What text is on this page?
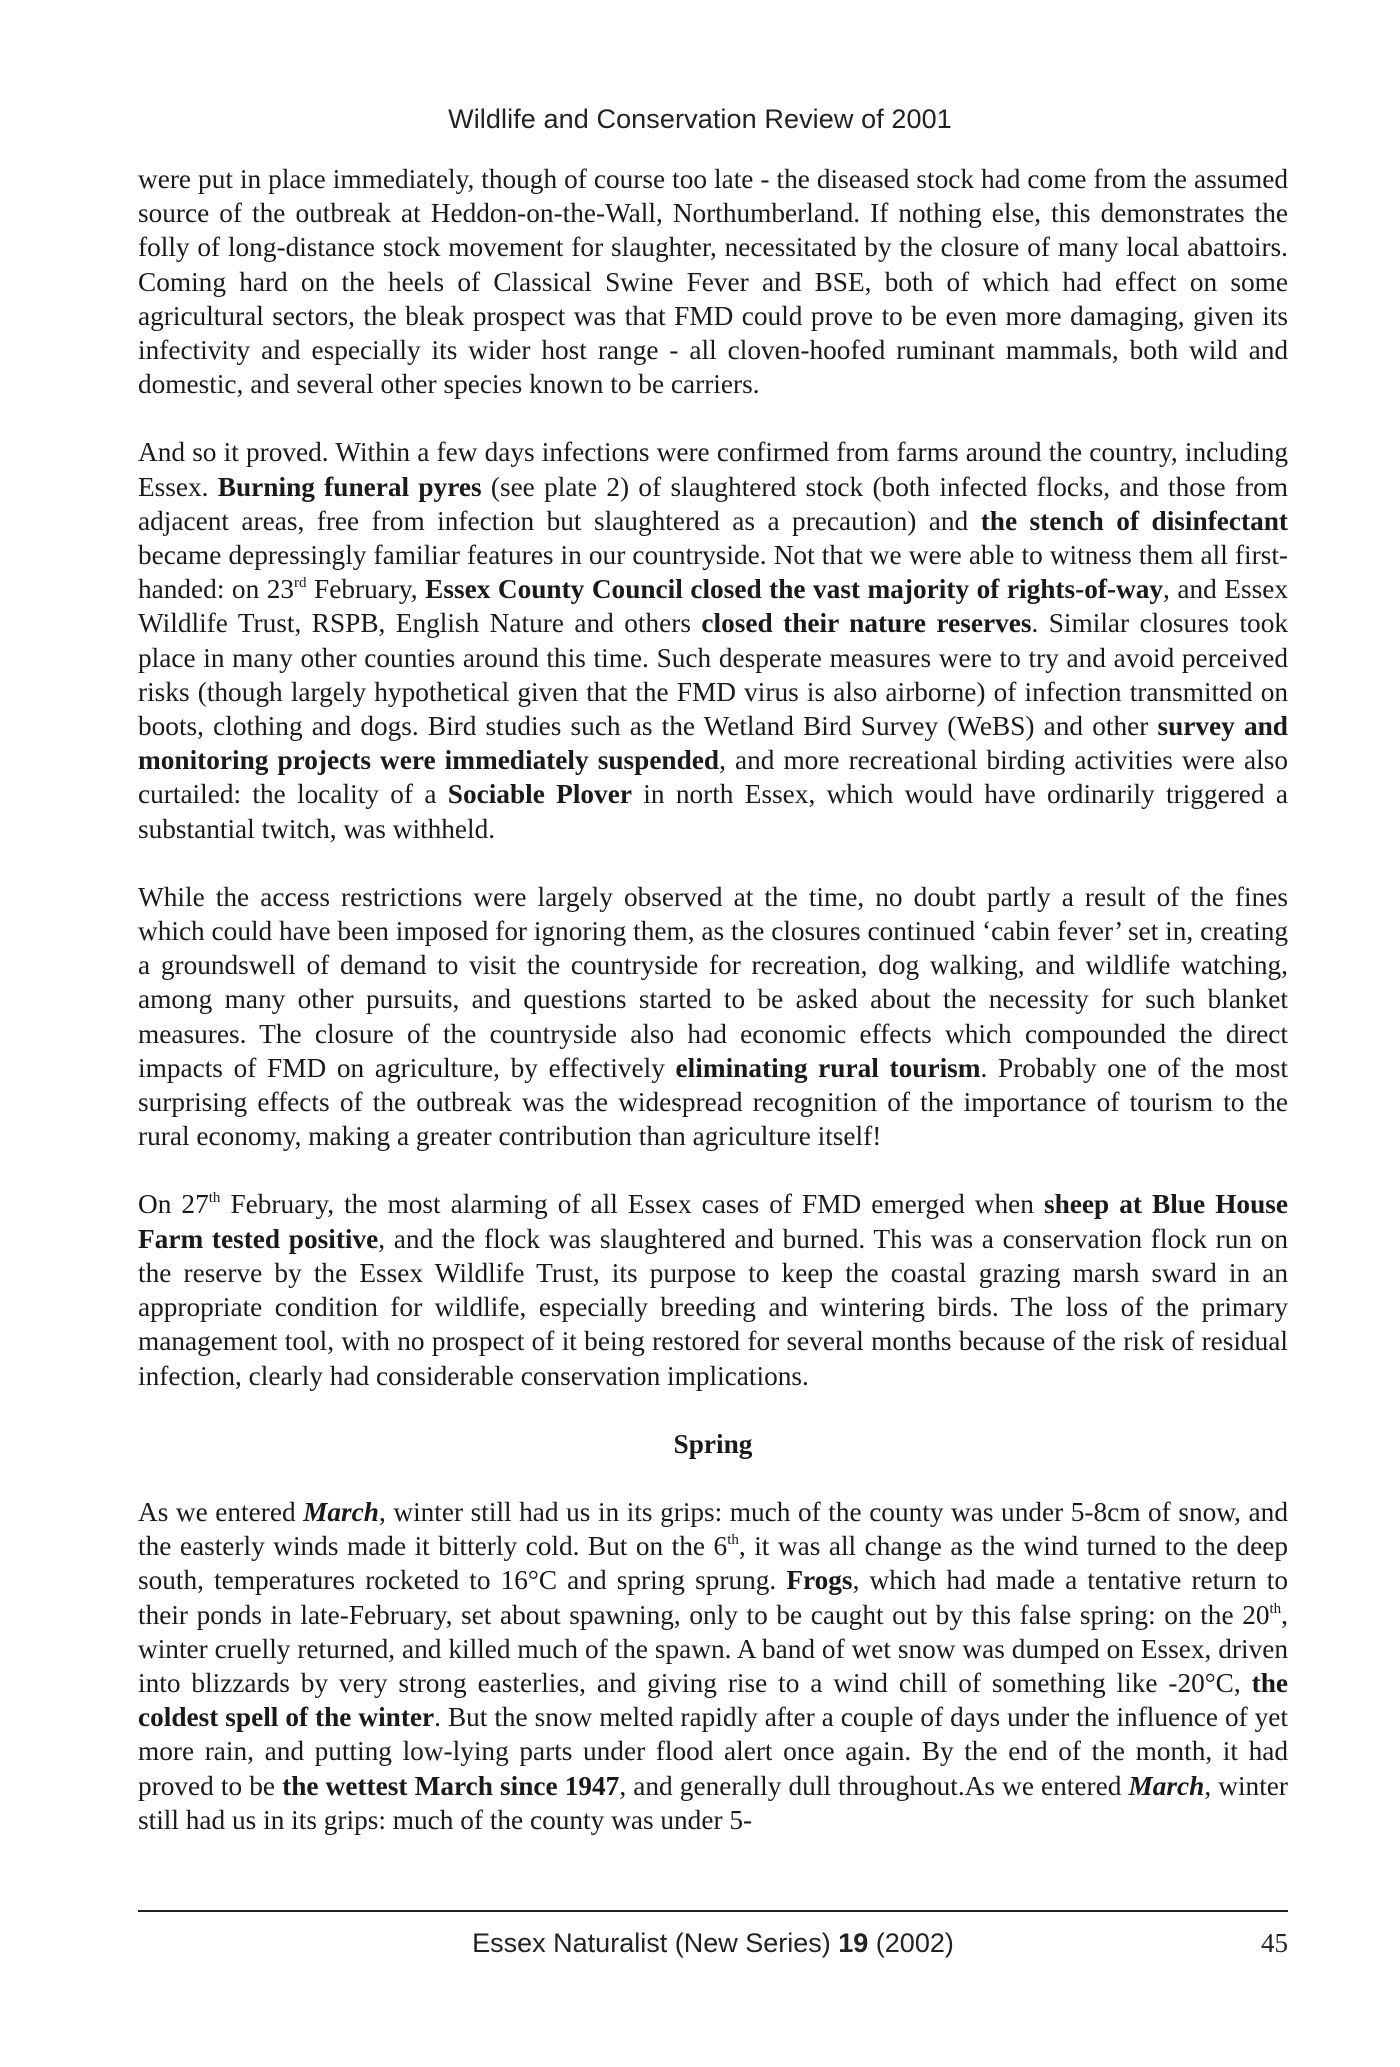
Wildlife and Conservation Review of 2001

were put in place immediately, though of course too late - the diseased stock had come from the assumed source of the outbreak at Heddon-on-the-Wall, Northumberland. If nothing else, this demonstrates the folly of long-distance stock movement for slaughter, necessitated by the closure of many local abattoirs. Coming hard on the heels of Classical Swine Fever and BSE, both of which had effect on some agricultural sectors, the bleak prospect was that FMD could prove to be even more damaging, given its infectivity and especially its wider host range - all cloven-hoofed ruminant mammals, both wild and domestic, and several other species known to be carriers.

And so it proved. Within a few days infections were confirmed from farms around the country, including Essex. Burning funeral pyres (see plate 2) of slaughtered stock (both infected flocks, and those from adjacent areas, free from infection but slaughtered as a precaution) and the stench of disinfectant became depressingly familiar features in our countryside. Not that we were able to witness them all first-handed: on 23rd February, Essex County Council closed the vast majority of rights-of-way, and Essex Wildlife Trust, RSPB, English Nature and others closed their nature reserves. Similar closures took place in many other counties around this time. Such desperate measures were to try and avoid perceived risks (though largely hypothetical given that the FMD virus is also airborne) of infection transmitted on boots, clothing and dogs. Bird studies such as the Wetland Bird Survey (WeBS) and other survey and monitoring projects were immediately suspended, and more recreational birding activities were also curtailed: the locality of a Sociable Plover in north Essex, which would have ordinarily triggered a substantial twitch, was withheld.

While the access restrictions were largely observed at the time, no doubt partly a result of the fines which could have been imposed for ignoring them, as the closures continued ‘cabin fever’ set in, creating a groundswell of demand to visit the countryside for recreation, dog walking, and wildlife watching, among many other pursuits, and questions started to be asked about the necessity for such blanket measures. The closure of the countryside also had economic effects which compounded the direct impacts of FMD on agriculture, by effectively eliminating rural tourism. Probably one of the most surprising effects of the outbreak was the widespread recognition of the importance of tourism to the rural economy, making a greater contribution than agriculture itself!

On 27th February, the most alarming of all Essex cases of FMD emerged when sheep at Blue House Farm tested positive, and the flock was slaughtered and burned. This was a conservation flock run on the reserve by the Essex Wildlife Trust, its purpose to keep the coastal grazing marsh sward in an appropriate condition for wildlife, especially breeding and wintering birds. The loss of the primary management tool, with no prospect of it being restored for several months because of the risk of residual infection, clearly had considerable conservation implications.

Spring

As we entered March, winter still had us in its grips: much of the county was under 5-8cm of snow, and the easterly winds made it bitterly cold. But on the 6th, it was all change as the wind turned to the deep south, temperatures rocketed to 16°C and spring sprung. Frogs, which had made a tentative return to their ponds in late-February, set about spawning, only to be caught out by this false spring: on the 20th, winter cruelly returned, and killed much of the spawn. A band of wet snow was dumped on Essex, driven into blizzards by very strong easterlies, and giving rise to a wind chill of something like -20°C, the coldest spell of the winter. But the snow melted rapidly after a couple of days under the influence of yet more rain, and putting low-lying parts under flood alert once again. By the end of the month, it had proved to be the wettest March since 1947, and generally dull throughout.As we entered March, winter still had us in its grips: much of the county was under 5-

Essex Naturalist (New Series) 19 (2002)	45
